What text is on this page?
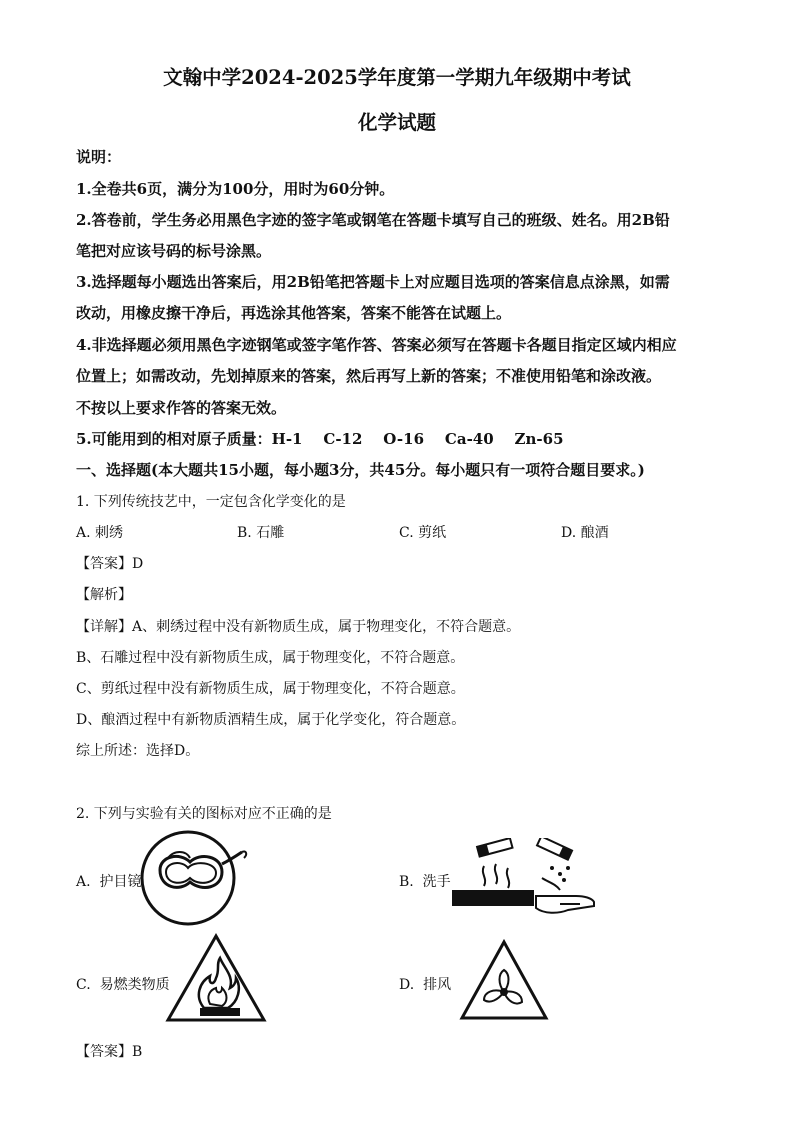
文翰中学2024-2025学年度第一学期九年级期中考试
化学试题
说明：
1.全卷共6页，满分为100分，用时为60分钟。
2.答卷前，学生务必用黑色字迹的签字笔或钢笔在答题卡填写自己的班级、姓名。用2B铅
笔把对应该号码的标号涂黑。
3.选择题每小题选出答案后，用2B铅笔把答题卡上对应题目选项的答案信息点涂黑，如需
改动，用橡皮擦干净后，再选涂其他答案，答案不能答在试题上。
4.非选择题必须用黑色字迹钢笔或签字笔作答、答案必须写在答题卡各题目指定区域内相应
位置上；如需改动，先划掉原来的答案，然后再写上新的答案；不准使用铅笔和涂改液。
不按以上要求作答的答案无效。
5.可能用到的相对原子质量：H-1    C-12    O-16    Ca-40    Zn-65
一、选择题(本大题共15小题，每小题3分，共45分。每小题只有一项符合题目要求。)
1. 下列传统技艺中，一定包含化学变化的是
A. 刺绣	B. 石雕	C. 剪纸	D. 酿酒
【答案】D
【解析】
【详解】A、刺绣过程中没有新物质生成，属于物理变化，不符合题意。
B、石雕过程中没有新物质生成，属于物理变化，不符合题意。
C、剪纸过程中没有新物质生成，属于物理变化，不符合题意。
D、酿酒过程中有新物质酒精生成，属于化学变化，符合题意。
综上所述：选择D。
2. 下列与实验有关的图标对应不正确的是
A.  护目镜	B.  洗手
C.  易燃类物质	D.  排风
【答案】B
